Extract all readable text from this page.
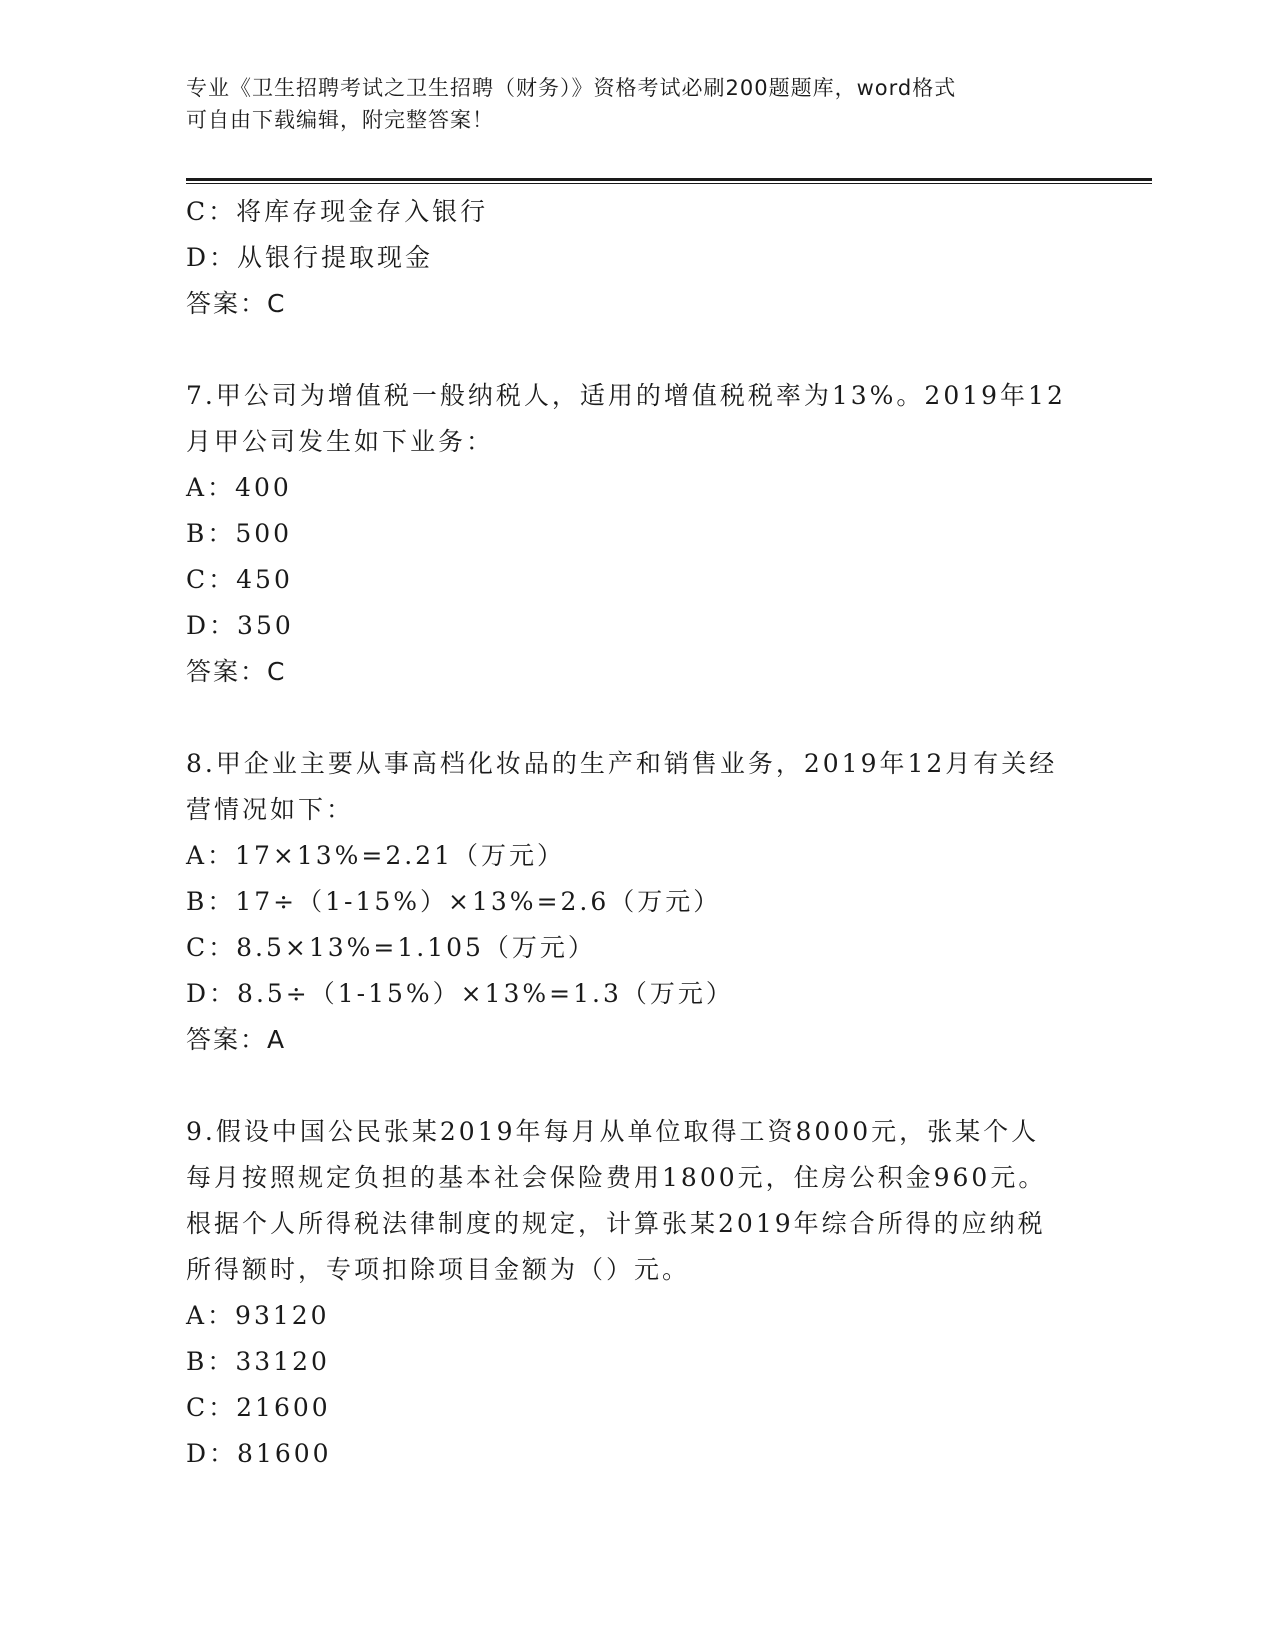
专业《卫生招聘考试之卫生招聘（财务）》资格考试必刷200题题库，word格式
可自由下载编辑，附完整答案！
C：将库存现金存入银行
D：从银行提取现金
答案：C
7.甲公司为增值税一般纳税人，适用的增值税税率为13%。2019年12
月甲公司发生如下业务：
A：400
B：500
C：450
D：350
答案：C
8.甲企业主要从事高档化妆品的生产和销售业务，2019年12月有关经
营情况如下：
A：17×13%=2.21（万元）
B：17÷（1-15%）×13%=2.6（万元）
C：8.5×13%=1.105（万元）
D：8.5÷（1-15%）×13%=1.3（万元）
答案：A
9.假设中国公民张某2019年每月从单位取得工资8000元，张某个人
每月按照规定负担的基本社会保险费用1800元，住房公积金960元。
根据个人所得税法律制度的规定，计算张某2019年综合所得的应纳税
所得额时，专项扣除项目金额为（）元。
A：93120
B：33120
C：21600
D：81600
